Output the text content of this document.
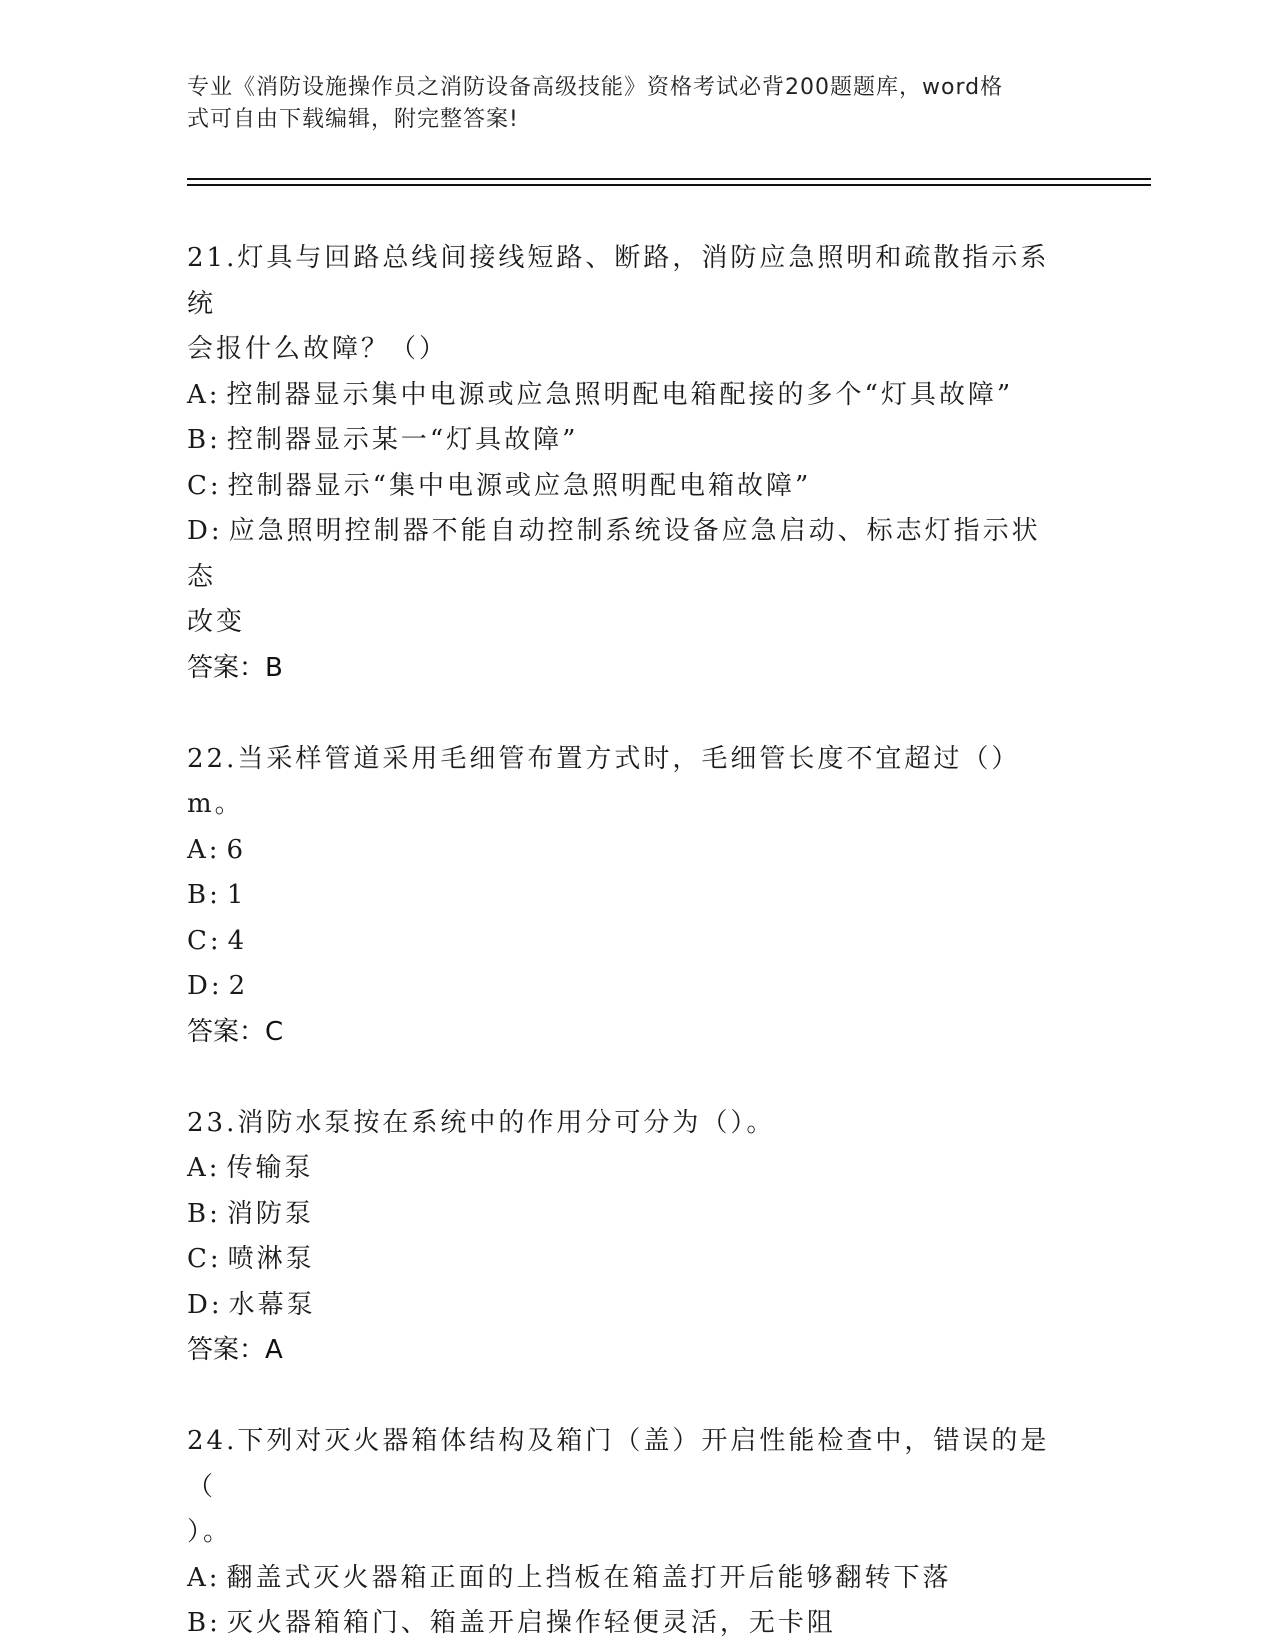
专业《消防设施操作员之消防设备高级技能》资格考试必背200题题库，word格
式可自由下载编辑，附完整答案!

21.灯具与回路总线间接线短路、断路，消防应急照明和疏散指示系统

会报什么故障？（）

A: 控制器显示集中电源或应急照明配电箱配接的多个“灯具故障”

B: 控制器显示某一“灯具故障”

C: 控制器显示“集中电源或应急照明配电箱故障”

D: 应急照明控制器不能自动控制系统设备应急启动、标志灯指示状态

改变

答案：B

22.当采样管道采用毛细管布置方式时，毛细管长度不宜超过（）m。

A: 6

B: 1

C: 4

D: 2

答案：C

23.消防水泵按在系统中的作用分可分为（）。

A: 传输泵

B: 消防泵

C: 喷淋泵

D: 水幕泵

答案：A

24.下列对灭火器箱体结构及箱门（盖）开启性能检查中，错误的是（

）。

A: 翻盖式灭火器箱正面的上挡板在箱盖打开后能够翻转下落

B: 灭火器箱箱门、箱盖开启操作轻便灵活，无卡阻
